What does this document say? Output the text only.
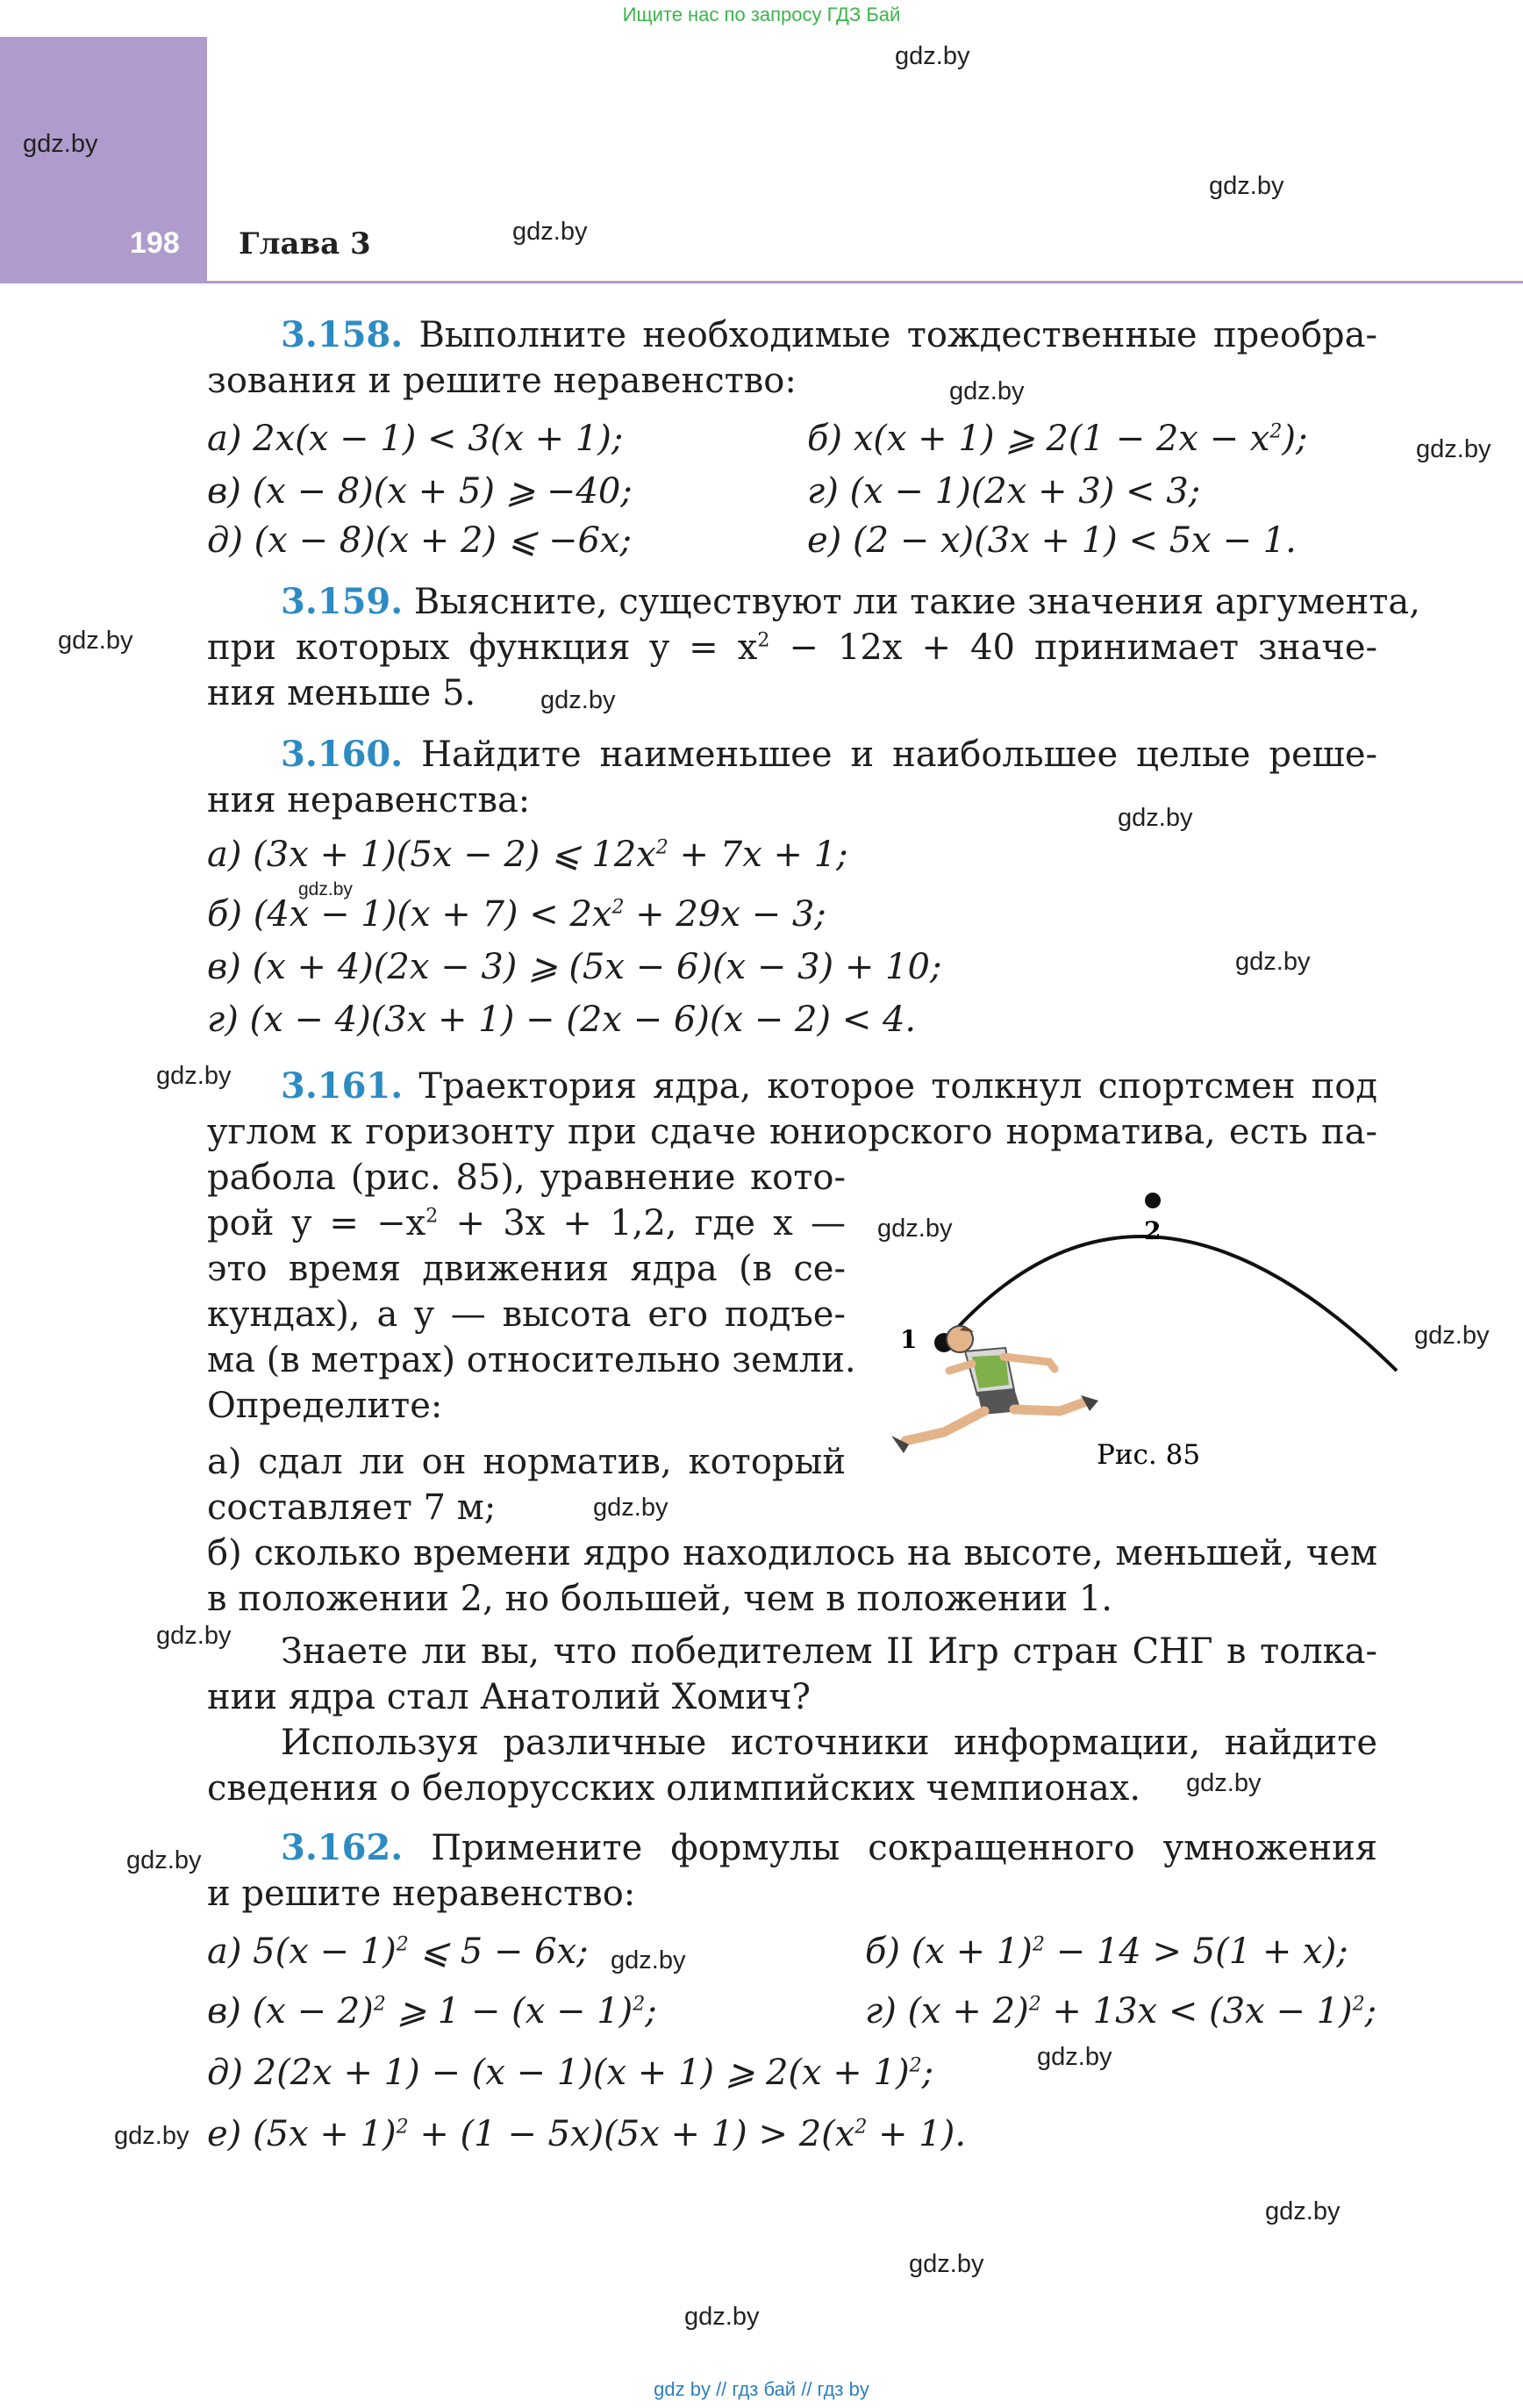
Ищите нас по запросу ГДЗ Бай
198 Глава 3
gdz.by
gdz.by
gdz.by
gdz.by
gdz.by
gdz.by
gdz.by
gdz.by
gdz.by
gdz.by
gdz.by
gdz.by
gdz.by
gdz.by
gdz.by
gdz.by
gdz.by
gdz.by
gdz.by
gdz.by
gdz.by
gdz.by
gdz.by
gdz.by
3.158. Выполните необходимые тождественные преобра-
зования и решите неравенство:
а) 2x(x − 1) < 3(x + 1);	б) x(x + 1) ⩾ $2(1 - 2x - x^2)$;
в) (x − 8)(x + 5) ⩾ −40;	г) (x − 1)(2x + 3) < 3;
д) (x − 8)(x + 2) ⩽ −6x;	е) (2 − x)(3x + 1) < 5x − 1.
3.159. Выясните, существуют ли такие значения аргумента,
при которых функция $y = x^2 - 12x + 40$ принимает значе-
ния меньше 5.
3.160. Найдите наименьшее и наибольшее целые реше-
ния неравенства:
а) (3x + 1)(5x − 2) ⩽ $12x^2 + 7x + 1$;
б) $(4x - 1)(x + 7) < 2x^2 + 29x - 3$;
в) (x + 4)(2x − 3) ⩾ (5x − 6)(x − 3) + 10;
г) (x − 4)(3x + 1) − (2x − 6)(x − 2) < 4.
3.161. Траектория ядра, которое толкнул спортсмен под
углом к горизонту при сдаче юниорского норматива, есть па-
рабола (рис. 85), уравнение кото-
рой $y = -x^2 + 3x + 1,2$, где x —
это время движения ядра (в се-
кундах), а y — высота его подъе-
ма (в метрах) относительно земли.
Определите:
а) сдал ли он норматив, который
составляет 7 м;
б) сколько времени ядро находилось на высоте, меньшей, чем
в положении 2, но большей, чем в положении 1.
Знаете ли вы, что победителем II Игр стран СНГ в толка-
нии ядра стал Анатолий Хомич?
Используя различные источники информации, найдите
сведения о белорусских олимпийских чемпионах.
2
1
Рис. 85
3.162. Примените формулы сокращенного умножения
и решите неравенство:
а) $5(x - 1)^2$ ⩽ 5 − 6x;	б) $(x + 1)^2 - 14 > 5(1 + x)$;
в) $(x - 2)^2$ ⩾ $1 - (x - 1)^2$;	г) $(x + 2)^2 + 13x < (3x - 1)^2$;
д) 2(2x + 1) − (x − 1)(x + 1) ⩾ $2(x + 1)^2$;
е) $(5x + 1)^2 + (1 - 5x)(5x + 1) > 2(x^2 + 1)$.
gdz by // гдз бай // гдз by
